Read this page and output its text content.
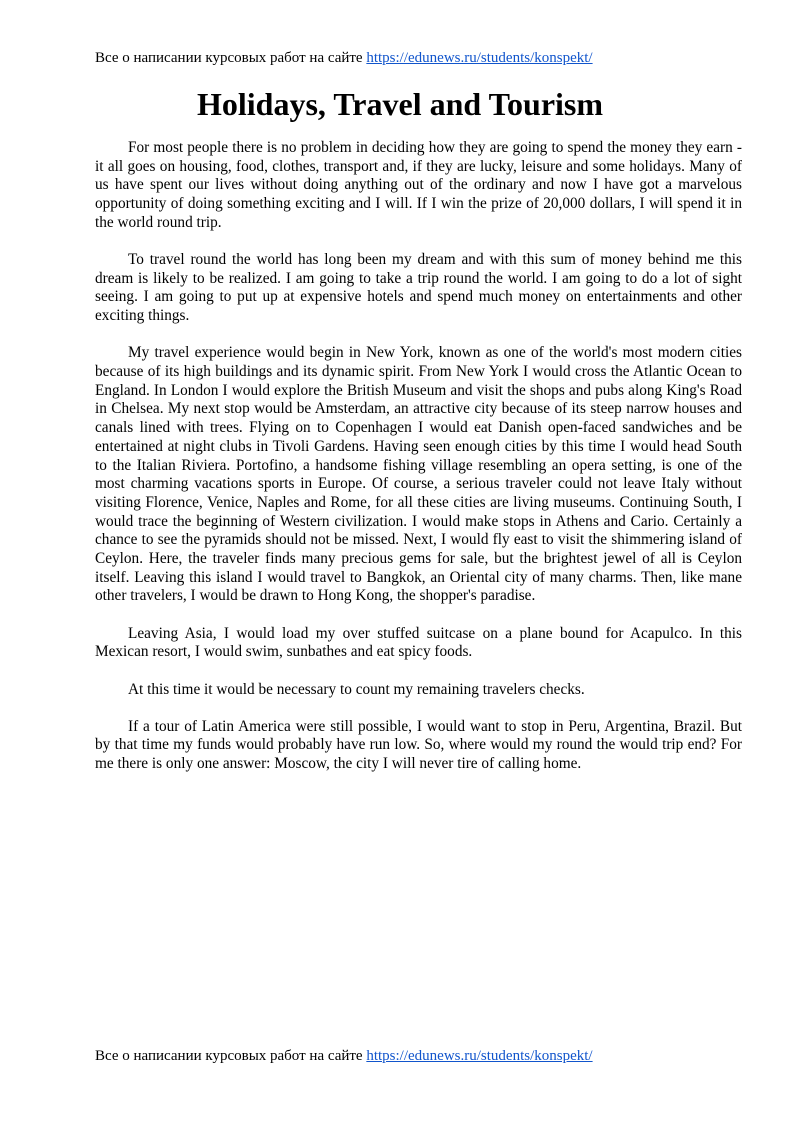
Все о написании курсовых работ на сайте https://edunews.ru/students/konspekt/
Holidays, Travel and Tourism

For most people there is no problem in deciding how they are going to spend the money they earn - it all goes on housing, food, clothes, transport and, if they are lucky, leisure and some holidays. Many of us have spent our lives without doing anything out of the ordinary and now I have got a marvelous opportunity of doing something exciting and I will. If I win the prize of 20,000 dollars, I will spend it in the world round trip.

To travel round the world has long been my dream and with this sum of money behind me this dream is likely to be realized. I am going to take a trip round the world. I am going to do a lot of sight seeing. I am going to put up at expensive hotels and spend much money on entertainments and other exciting things.

My travel experience would begin in New York, known as one of the world's most modern cities because of its high buildings and its dynamic spirit. From New York I would cross the Atlantic Ocean to England. In London I would explore the British Museum and visit the shops and pubs along King's Road in Chelsea. My next stop would be Amsterdam, an attractive city because of its steep narrow houses and canals lined with trees. Flying on to Copenhagen I would eat Danish open-faced sandwiches and be entertained at night clubs in Tivoli Gardens. Having seen enough cities by this time I would head South to the Italian Riviera. Portofino, a handsome fishing village resembling an opera setting, is one of the most charming vacations sports in Europe. Of course, a serious traveler could not leave Italy without visiting Florence, Venice, Naples and Rome, for all these cities are living museums. Continuing South, I would trace the beginning of Western civilization. I would make stops in Athens and Cario. Certainly a chance to see the pyramids should not be missed. Next, I would fly east to visit the shimmering island of Ceylon. Here, the traveler finds many precious gems for sale, but the brightest jewel of all is Ceylon itself. Leaving this island I would travel to Bangkok, an Oriental city of many charms. Then, like mane other travelers, I would be drawn to Hong Kong, the shopper's paradise.

Leaving Asia, I would load my over stuffed suitcase on a plane bound for Acapulco. In this Mexican resort, I would swim, sunbathes and eat spicy foods.

At this time it would be necessary to count my remaining travelers checks.

If a tour of Latin America were still possible, I would want to stop in Peru, Argentina, Brazil. But by that time my funds would probably have run low. So, where would my round the would trip end? For me there is only one answer: Moscow, the city I will never tire of calling home.

Все о написании курсовых работ на сайте https://edunews.ru/students/konspekt/
